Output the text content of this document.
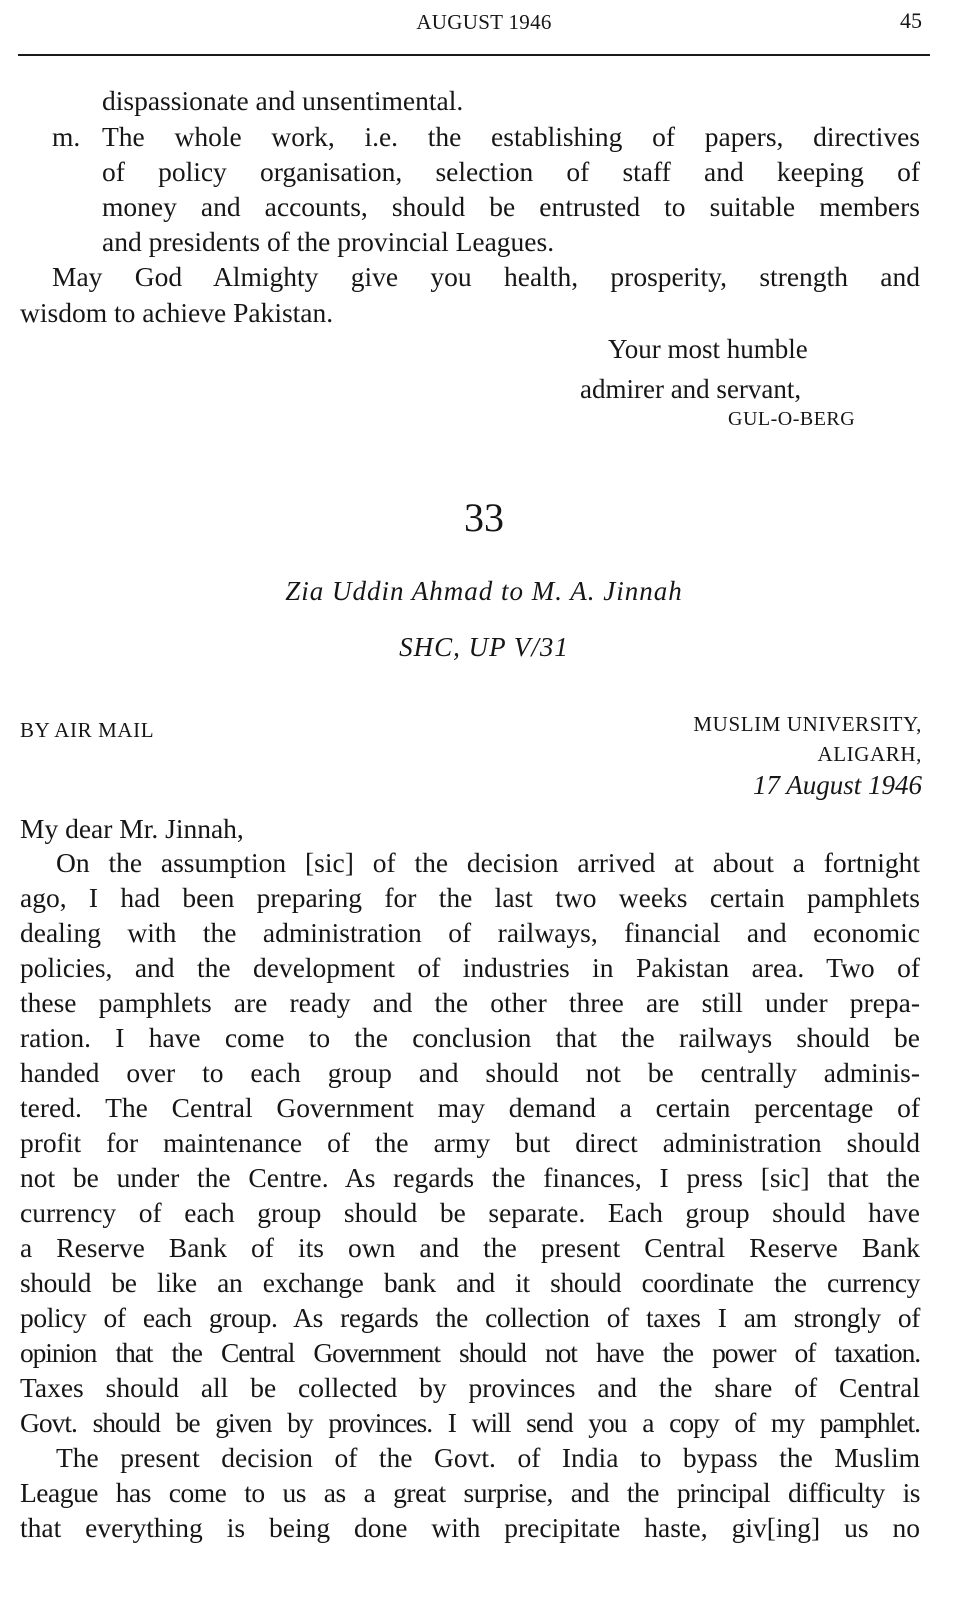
AUGUST 1946	45
dispassionate and unsentimental.
m. The whole work, i.e. the establishing of papers, directives
of policy organisation, selection of staff and keeping of
money and accounts, should be entrusted to suitable members
and presidents of the provincial Leagues.
May God Almighty give you health, prosperity, strength and
wisdom to achieve Pakistan.
Your most humble
admirer and servant,
GUL-O-BERG
33
Zia Uddin Ahmad to M. A. Jinnah
SHC, UP V/31
BY AIR MAIL	MUSLIM UNIVERSITY,
ALIGARH,
17 August 1946
My dear Mr. Jinnah,
On the assumption [sic] of the decision arrived at about a fortnight
ago, I had been preparing for the last two weeks certain pamphlets
dealing with the administration of railways, financial and economic
policies, and the development of industries in Pakistan area. Two of
these pamphlets are ready and the other three are still under prepa-
ration. I have come to the conclusion that the railways should be
handed over to each group and should not be centrally adminis-
tered. The Central Government may demand a certain percentage of
profit for maintenance of the army but direct administration should
not be under the Centre. As regards the finances, I press [sic] that the
currency of each group should be separate. Each group should have
a Reserve Bank of its own and the present Central Reserve Bank
should be like an exchange bank and it should coordinate the currency
policy of each group. As regards the collection of taxes I am strongly of
opinion that the Central Government should not have the power of taxation.
Taxes should all be collected by provinces and the share of Central
Govt. should be given by provinces. I will send you a copy of my pamphlet.
The present decision of the Govt. of India to bypass the Muslim
League has come to us as a great surprise, and the principal difficulty is
that everything is being done with precipitate haste, giv[ing] us no
